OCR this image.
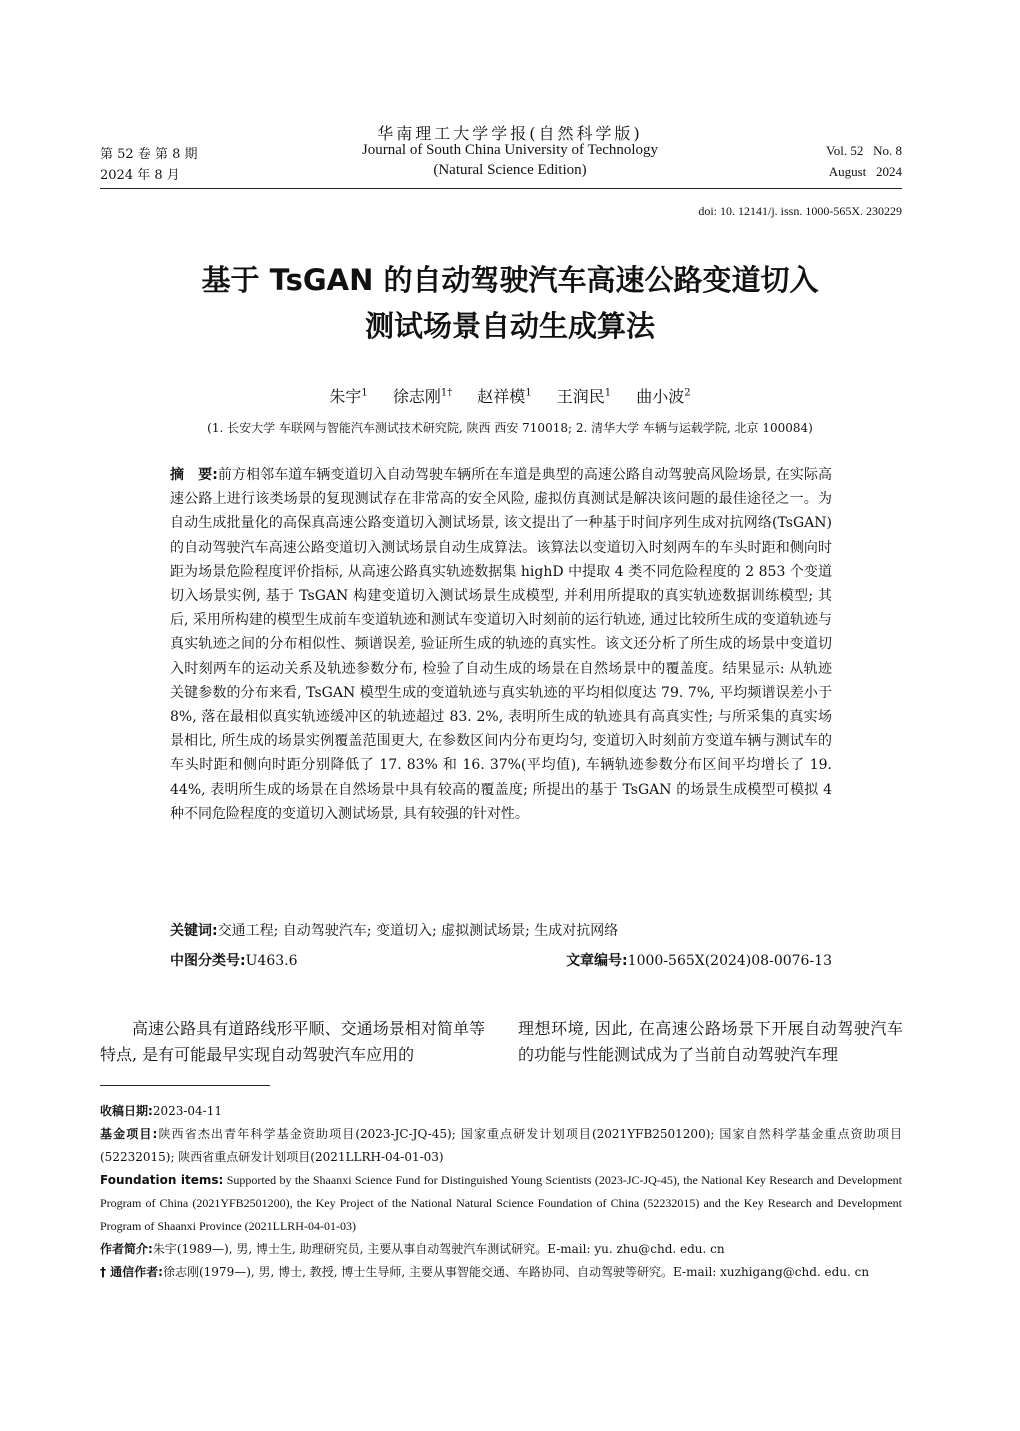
华南理工大学学报(自然科学版)
Journal of South China University of Technology
(Natural Science Edition)
第 52 卷 第 8 期
2024 年 8 月
Vol. 52   No. 8
August   2024
doi: 10. 12141/j. issn. 1000-565X. 230229
基于 TsGAN 的自动驾驶汽车高速公路变道切入
测试场景自动生成算法
朱宇$^1$ 徐志刚$^{1\dagger}$ 赵祥模$^1$ 王润民$^1$ 曲小波$^2$
(1. 长安大学 车联网与智能汽车测试技术研究院, 陕西 西安 710018; 2. 清华大学 车辆与运载学院, 北京 100084)
摘　要:前方相邻车道车辆变道切入自动驾驶车辆所在车道是典型的高速公路自动驾驶高风险场景, 在实际高速公路上进行该类场景的复现测试存在非常高的安全风险, 虚拟仿真测试是解决该问题的最佳途径之一。为自动生成批量化的高保真高速公路变道切入测试场景, 该文提出了一种基于时间序列生成对抗网络(TsGAN)的自动驾驶汽车高速公路变道切入测试场景自动生成算法。该算法以变道切入时刻两车的车头时距和侧向时距为场景危险程度评价指标, 从高速公路真实轨迹数据集 highD 中提取 4 类不同危险程度的 2 853 个变道切入场景实例, 基于 TsGAN 构建变道切入测试场景生成模型, 并利用所提取的真实轨迹数据训练模型; 其后, 采用所构建的模型生成前车变道轨迹和测试车变道切入时刻前的运行轨迹, 通过比较所生成的变道轨迹与真实轨迹之间的分布相似性、频谱误差, 验证所生成的轨迹的真实性。该文还分析了所生成的场景中变道切入时刻两车的运动关系及轨迹参数分布, 检验了自动生成的场景在自然场景中的覆盖度。结果显示: 从轨迹关键参数的分布来看, TsGAN 模型生成的变道轨迹与真实轨迹的平均相似度达 79. 7%, 平均频谱误差小于 8%, 落在最相似真实轨迹缓冲区的轨迹超过 83. 2%, 表明所生成的轨迹具有高真实性; 与所采集的真实场景相比, 所生成的场景实例覆盖范围更大, 在参数区间内分布更均匀, 变道切入时刻前方变道车辆与测试车的车头时距和侧向时距分别降低了 17. 83% 和 16. 37%(平均值), 车辆轨迹参数分布区间平均增长了 19. 44%, 表明所生成的场景在自然场景中具有较高的覆盖度; 所提出的基于 TsGAN 的场景生成模型可模拟 4 种不同危险程度的变道切入测试场景, 具有较强的针对性。
关键词:交通工程; 自动驾驶汽车; 变道切入; 虚拟测试场景; 生成对抗网络
中图分类号:U463.6	文章编号:1000-565X(2024)08-0076-13
高速公路具有道路线形平顺、交通场景相对简单等特点, 是有可能最早实现自动驾驶汽车应用的
理想环境, 因此, 在高速公路场景下开展自动驾驶汽车的功能与性能测试成为了当前自动驾驶汽车理

收稿日期:2023-04-11

基金项目:陕西省杰出青年科学基金资助项目(2023-JC-JQ-45); 国家重点研发计划项目(2021YFB2501200); 国家自然科学基金重点资助项目(52232015); 陕西省重点研发计划项目(2021LLRH-04-01-03)

Foundation items: Supported by the Shaanxi Science Fund for Distinguished Young Scientists (2023-JC-JQ-45), the National Key Research and Development Program of China (2021YFB2501200), the Key Project of the National Natural Science Foundation of China (52232015) and the Key Research and Development Program of Shaanxi Province (2021LLRH-04-01-03)

作者简介:朱宇(1989—), 男, 博士生, 助理研究员, 主要从事自动驾驶汽车测试研究。E-mail: yu. zhu@chd. edu. cn

† 通信作者:徐志刚(1979—), 男, 博士, 教授, 博士生导师, 主要从事智能交通、车路协同、自动驾驶等研究。E-mail: xuzhigang@chd. edu. cn
